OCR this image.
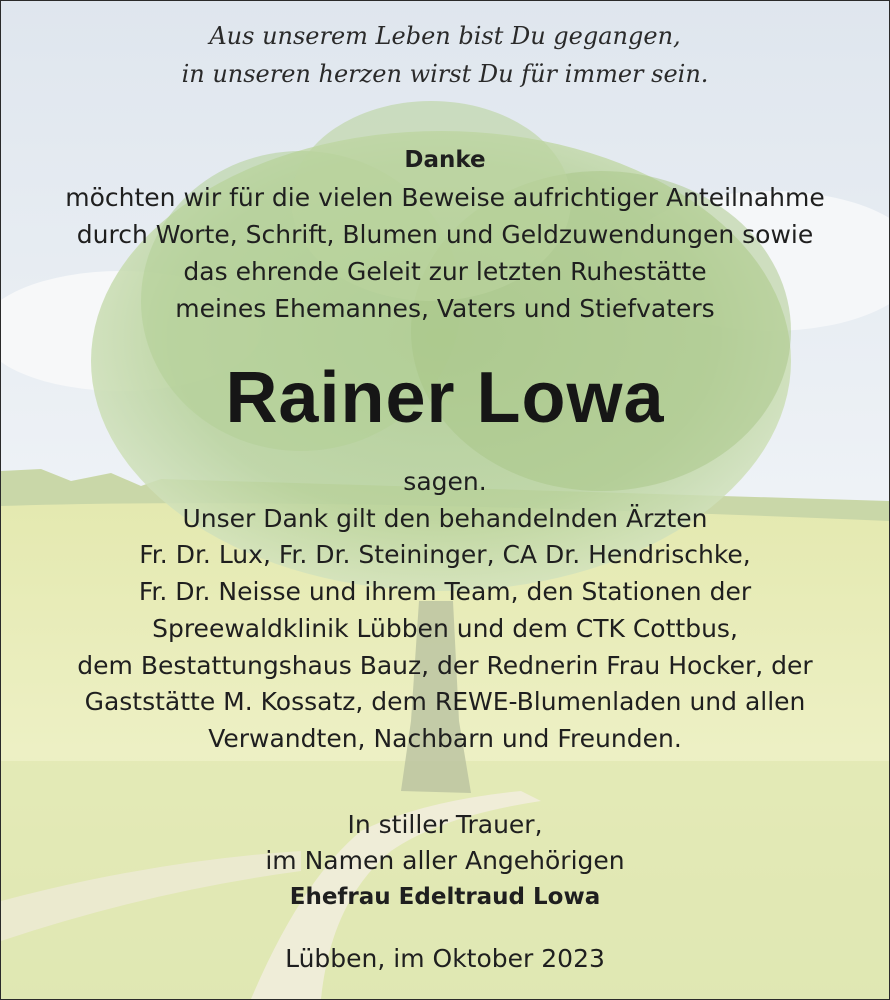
Aus unserem Leben bist Du gegangen,
in unseren herzen wirst Du für immer sein.
Danke
möchten wir für die vielen Beweise aufrichtiger Anteilnahme
durch Worte, Schrift, Blumen und Geldzuwendungen sowie
das ehrende Geleit zur letzten Ruhestätte
meines Ehemannes, Vaters und Stiefvaters
Rainer Lowa
sagen.
Unser Dank gilt den behandelnden Ärzten
Fr. Dr. Lux, Fr. Dr. Steininger, CA Dr. Hendrischke,
Fr. Dr. Neisse und ihrem Team, den Stationen der
Spreewaldklinik Lübben und dem CTK Cottbus,
dem Bestattungshaus Bauz, der Rednerin Frau Hocker, der
Gaststätte M. Kossatz, dem REWE-Blumenladen und allen
Verwandten, Nachbarn und Freunden.
In stiller Trauer,
im Namen aller Angehörigen
Ehefrau Edeltraud Lowa
Lübben, im Oktober 2023
